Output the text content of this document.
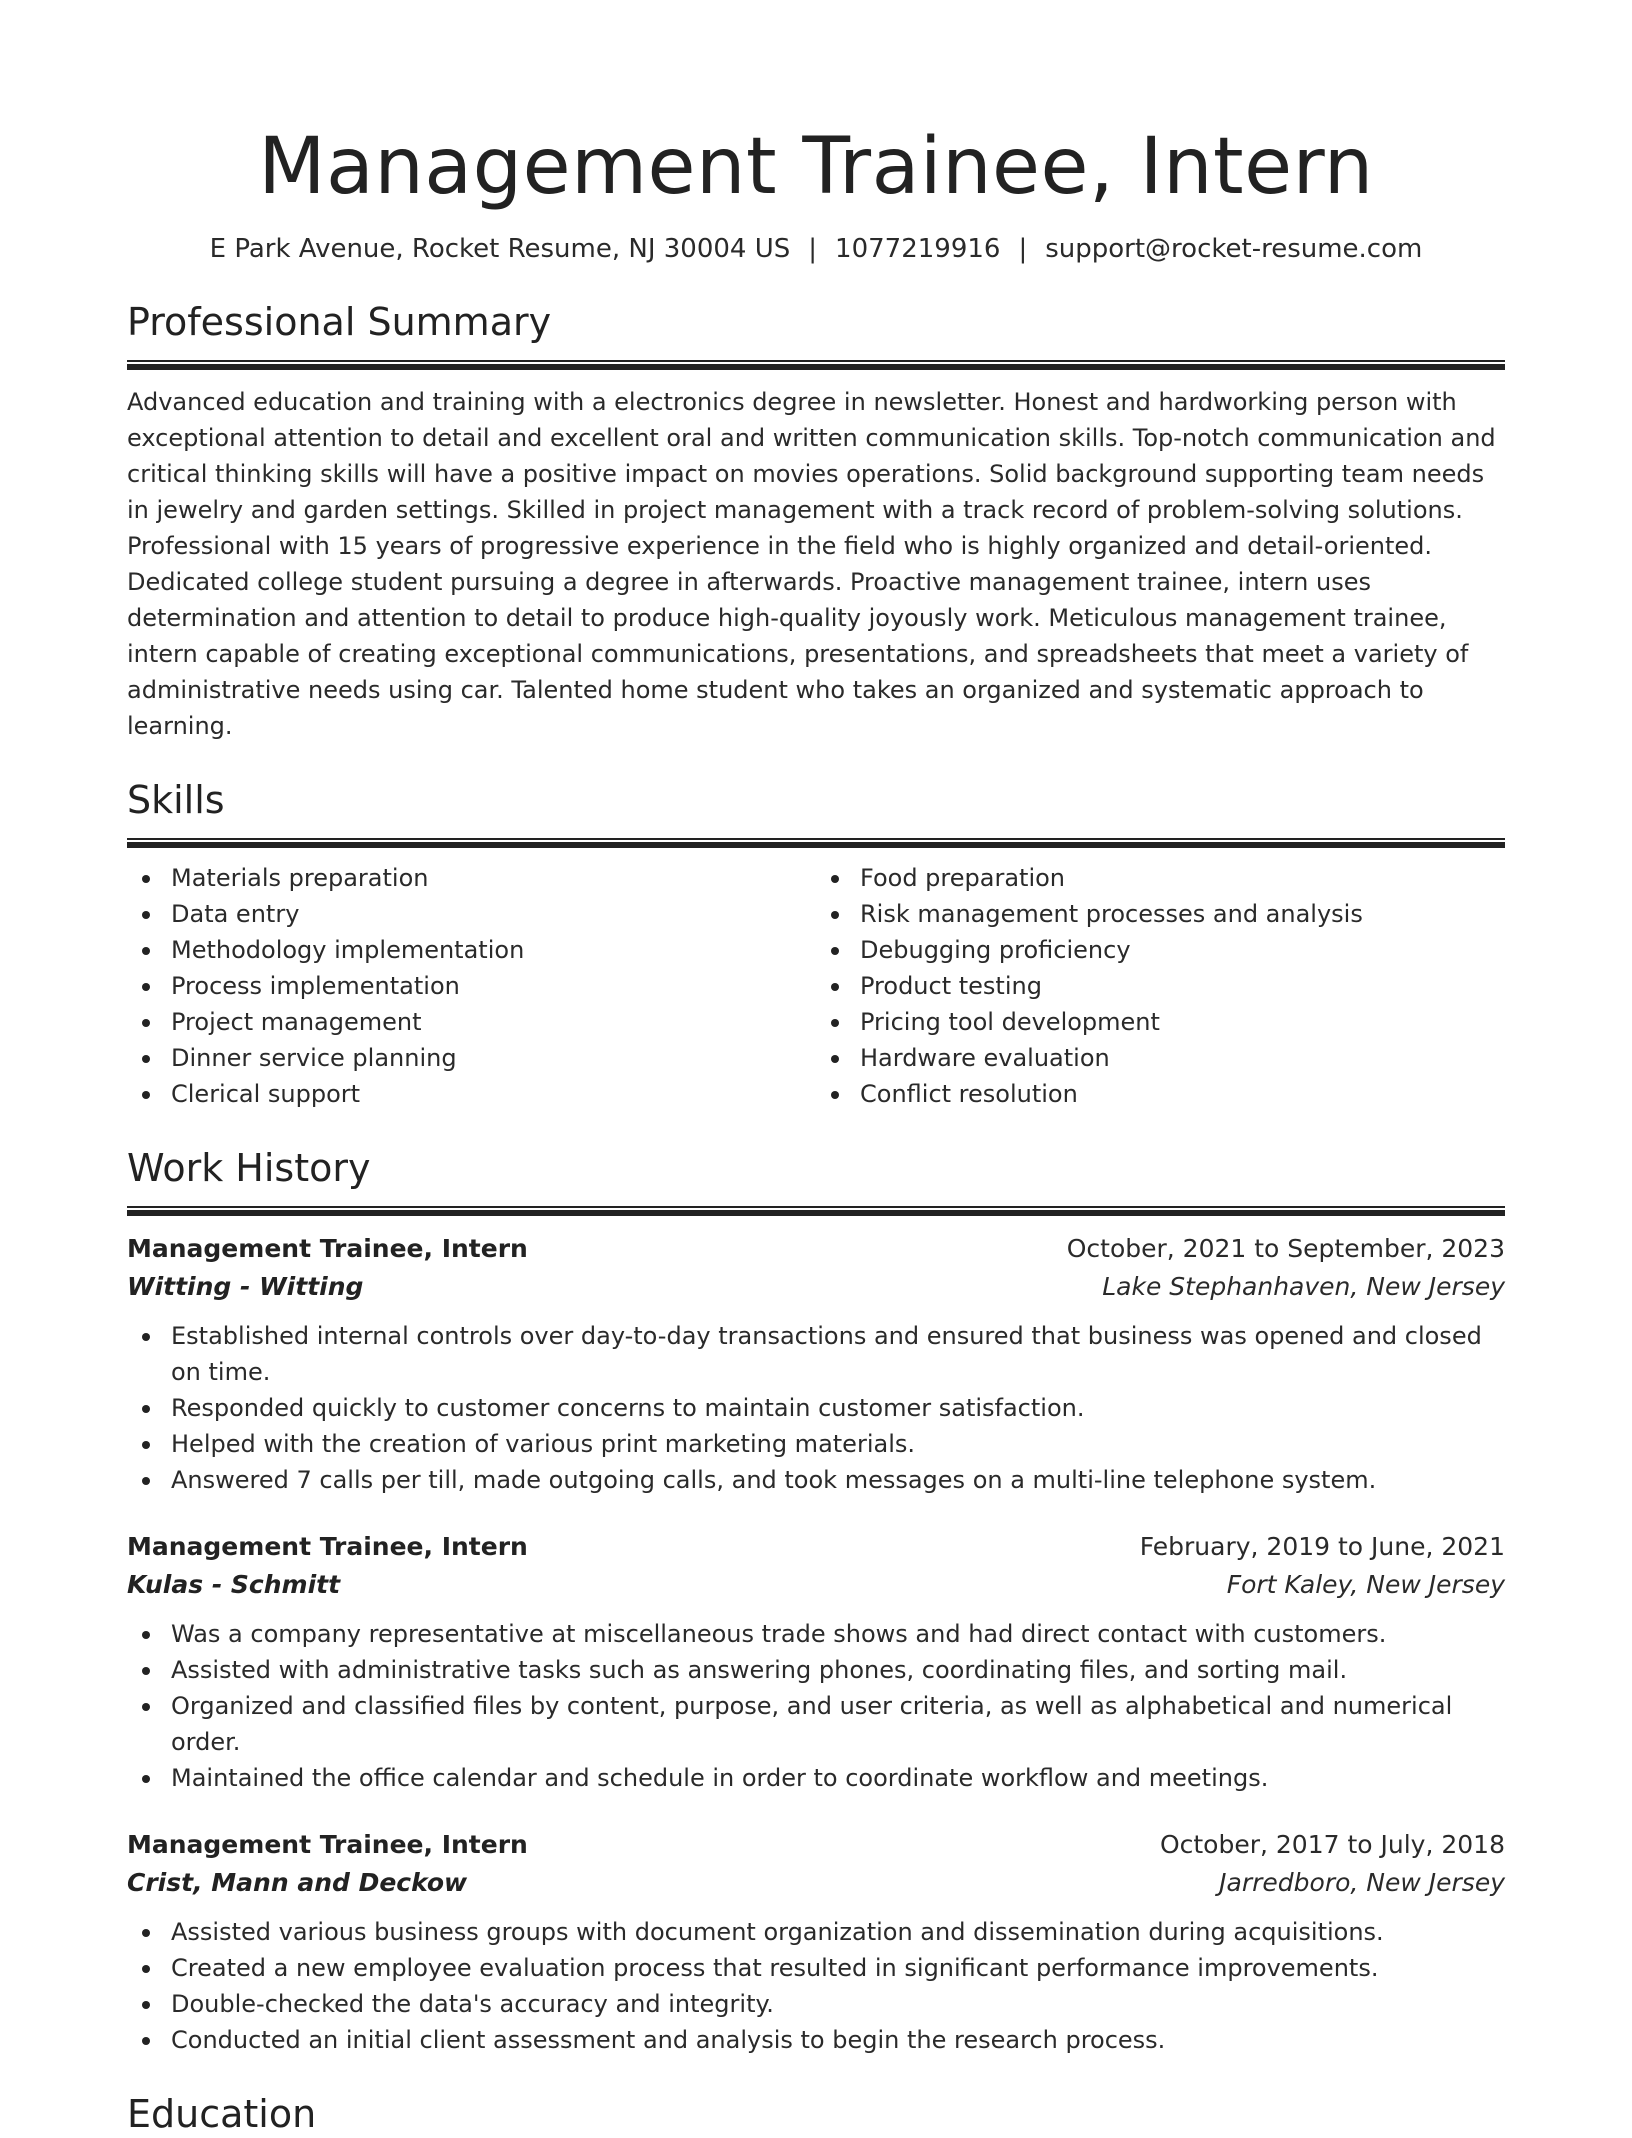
Management Trainee, Intern
E Park Avenue, Rocket Resume, NJ 30004 US | 1077219916 | support@rocket-resume.com
Professional Summary

Advanced education and training with a electronics degree in newsletter. Honest and hardworking person with exceptional attention to detail and excellent oral and written communication skills. Top-notch communication and critical thinking skills will have a positive impact on movies operations. Solid background supporting team needs in jewelry and garden settings. Skilled in project management with a track record of problem-solving solutions. Professional with 15 years of progressive experience in the field who is highly organized and detail-oriented. Dedicated college student pursuing a degree in afterwards. Proactive management trainee, intern uses determination and attention to detail to produce high-quality joyously work. Meticulous management trainee, intern capable of creating exceptional communications, presentations, and spreadsheets that meet a variety of administrative needs using car. Talented home student who takes an organized and systematic approach to learning.

Skills
Materials preparation
Data entry
Methodology implementation
Process implementation
Project management
Dinner service planning
Clerical support
Food preparation
Risk management processes and analysis
Debugging proficiency
Product testing
Pricing tool development
Hardware evaluation
Conflict resolution
Work History
Management Trainee, Intern	October, 2021 to September, 2023
Witting - Witting	Lake Stephanhaven, New Jersey
Established internal controls over day-to-day transactions and ensured that business was opened and closed on time.
Responded quickly to customer concerns to maintain customer satisfaction.
Helped with the creation of various print marketing materials.
Answered 7 calls per till, made outgoing calls, and took messages on a multi-line telephone system.
Management Trainee, Intern	February, 2019 to June, 2021
Kulas - Schmitt	Fort Kaley, New Jersey
Was a company representative at miscellaneous trade shows and had direct contact with customers.
Assisted with administrative tasks such as answering phones, coordinating files, and sorting mail.
Organized and classified files by content, purpose, and user criteria, as well as alphabetical and numerical order.
Maintained the office calendar and schedule in order to coordinate workflow and meetings.
Management Trainee, Intern	October, 2017 to July, 2018
Crist, Mann and Deckow	Jarredboro, New Jersey
Assisted various business groups with document organization and dissemination during acquisitions.
Created a new employee evaluation process that resulted in significant performance improvements.
Double-checked the data's accuracy and integrity.
Conducted an initial client assessment and analysis to begin the research process.
Education
